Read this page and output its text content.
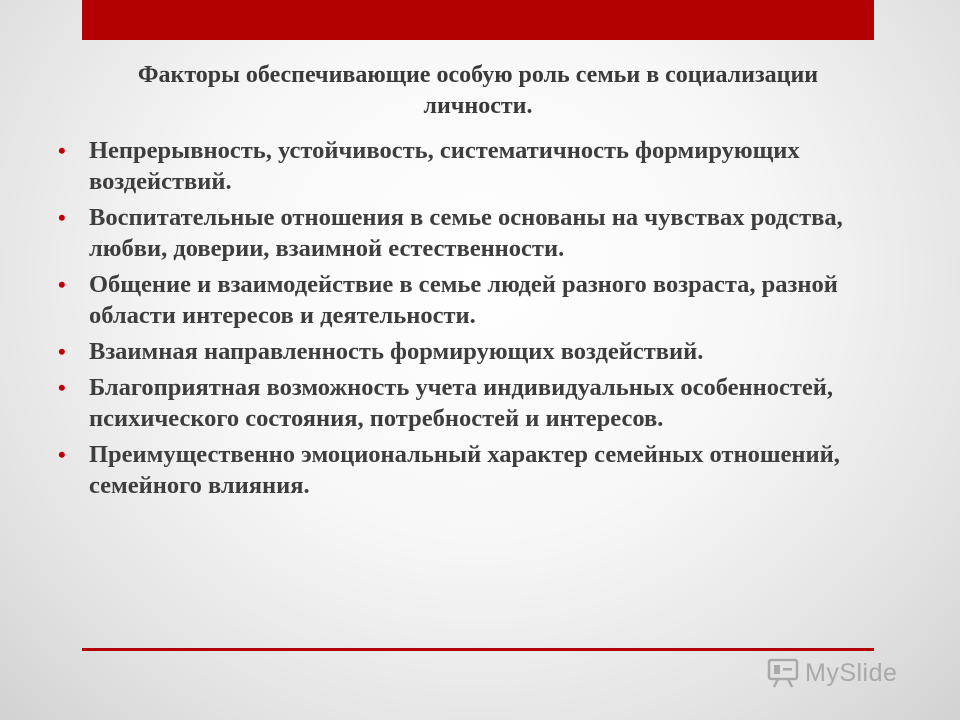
Факторы обеспечивающие особую роль семьи в социализации личности.
• Непрерывность, устойчивость, систематичность формирующих воздействий.
• Воспитательные отношения в семье основаны на чувствах родства, любви, доверии, взаимной естественности.
• Общение и взаимодействие в семье людей разного возраста, разной области интересов и деятельности.
• Взаимная направленность формирующих воздействий.
• Благоприятная возможность учета индивидуальных особенностей, психического состояния, потребностей и интересов.
• Преимущественно эмоциональный характер семейных отношений, семейного влияния.
MySlide
